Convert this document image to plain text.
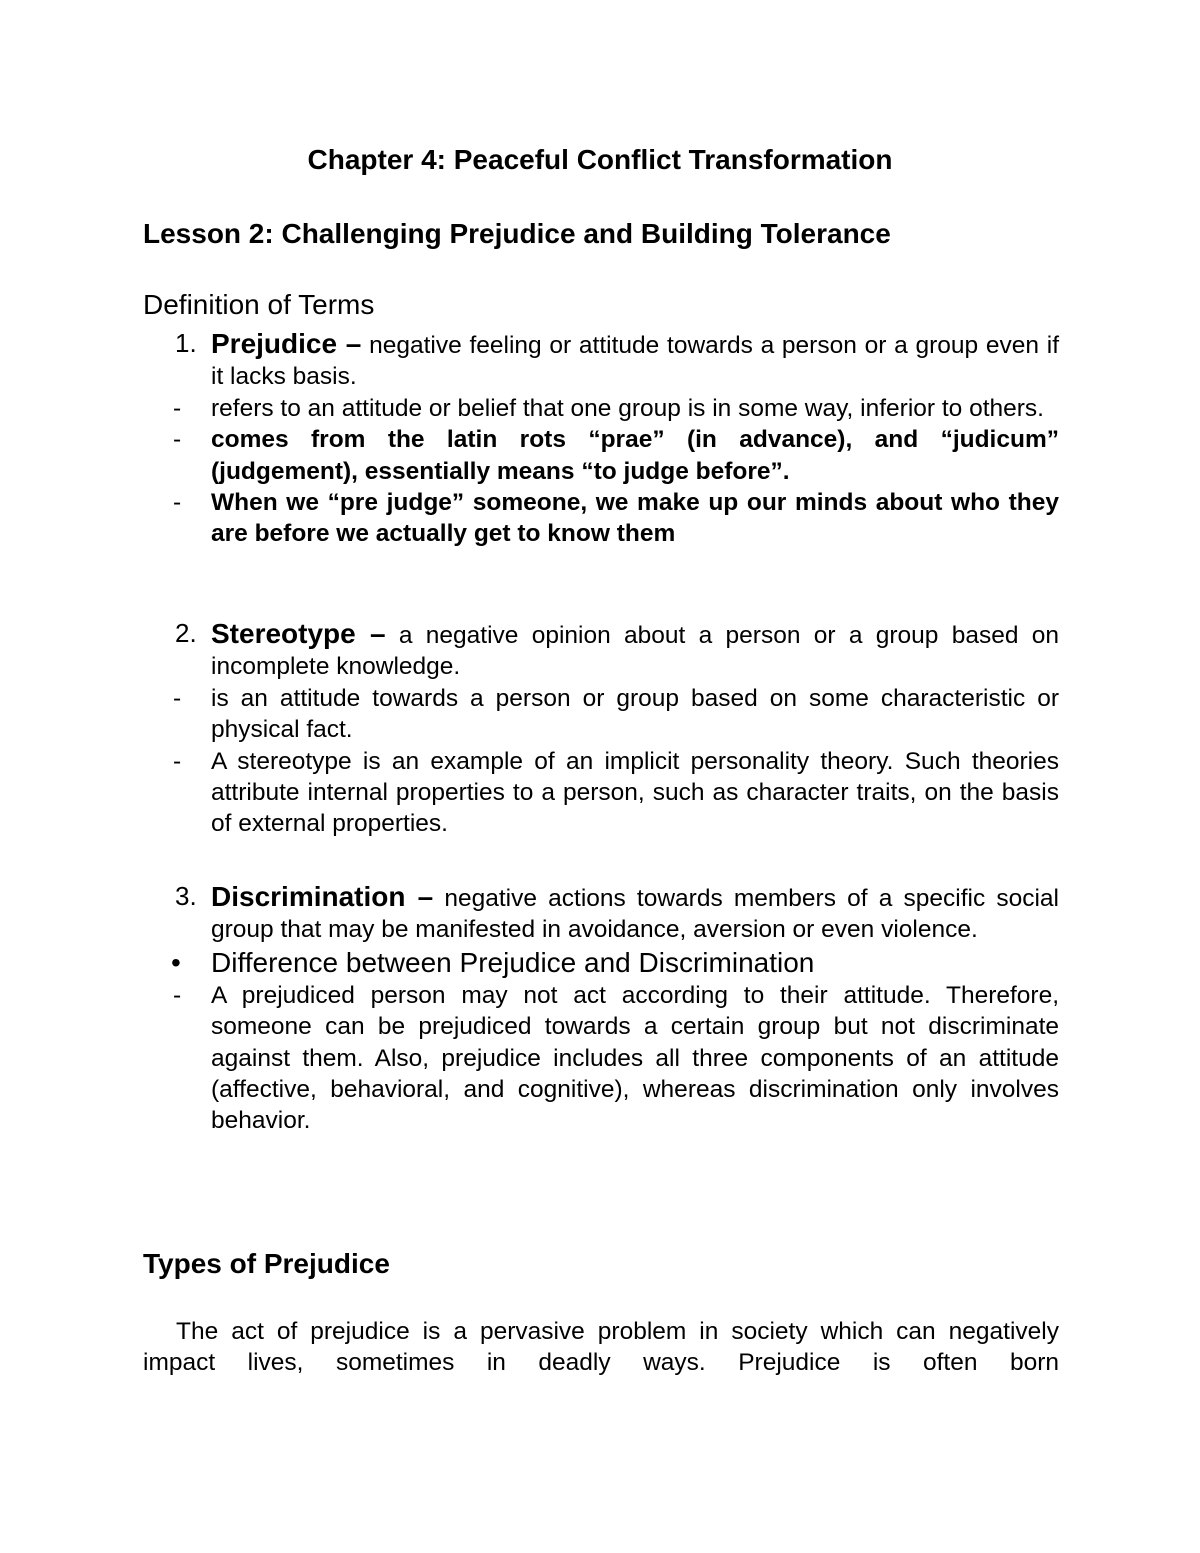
Chapter 4: Peaceful Conflict Transformation
Lesson 2: Challenging Prejudice and Building Tolerance
Definition of Terms
1. Prejudice – negative feeling or attitude towards a person or a group even if it lacks basis.
- refers to an attitude or belief that one group is in some way, inferior to others.
- comes from the latin rots “prae” (in advance), and “judicum” (judgement), essentially means “to judge before”.
- When we “pre judge” someone, we make up our minds about who they are before we actually get to know them
2. Stereotype – a negative opinion about a person or a group based on incomplete knowledge.
- is an attitude towards a person or group based on some characteristic or physical fact.
- A stereotype is an example of an implicit personality theory. Such theories attribute internal properties to a person, such as character traits, on the basis of external properties.
3. Discrimination – negative actions towards members of a specific social group that may be manifested in avoidance, aversion or even violence.
• Difference between Prejudice and Discrimination
- A prejudiced person may not act according to their attitude. Therefore, someone can be prejudiced towards a certain group but not discriminate against them. Also, prejudice includes all three components of an attitude (affective, behavioral, and cognitive), whereas discrimination only involves behavior.
Types of Prejudice
The act of prejudice is a pervasive problem in society which can negatively impact lives, sometimes in deadly ways. Prejudice is often born
